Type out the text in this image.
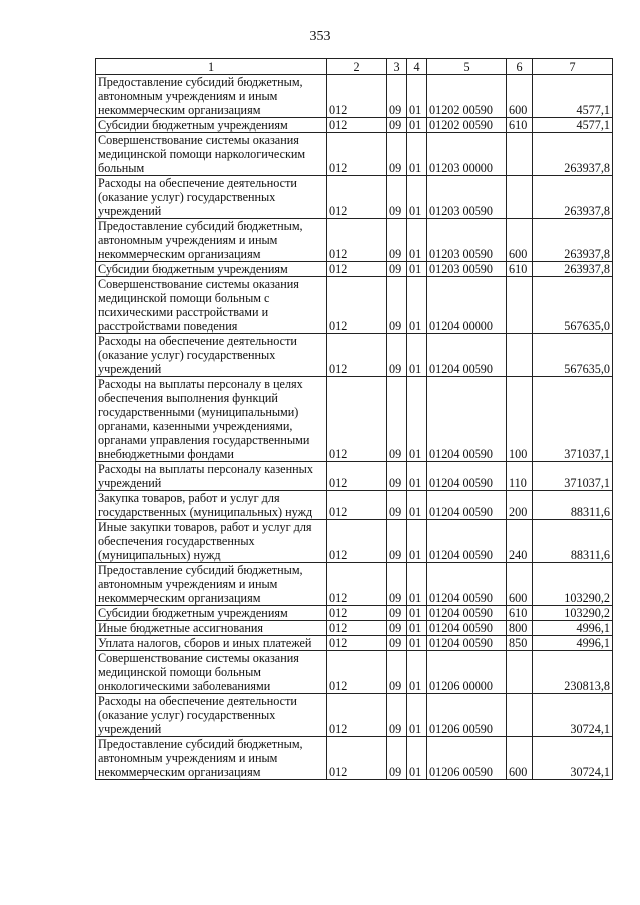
353
1	2	3	4	5	6	7
Предоставление субсидий бюджетным, автономным учреждениям и иным некоммерческим организациям	012	09	01	01202 00590	600	4577,1
Субсидии бюджетным учреждениям	012	09	01	01202 00590	610	4577,1
Совершенствование системы оказания медицинской помощи наркологическим больным	012	09	01	01203 00000		263937,8
Расходы на обеспечение деятельности (оказание услуг) государственных учреждений	012	09	01	01203 00590		263937,8
Предоставление субсидий бюджетным, автономным учреждениям и иным некоммерческим организациям	012	09	01	01203 00590	600	263937,8
Субсидии бюджетным учреждениям	012	09	01	01203 00590	610	263937,8
Совершенствование системы оказания медицинской помощи больным с психическими расстройствами и расстройствами поведения	012	09	01	01204 00000		567635,0
Расходы на обеспечение деятельности (оказание услуг) государственных учреждений	012	09	01	01204 00590		567635,0
Расходы на выплаты персоналу в целях обеспечения выполнения функций государственными (муниципальными) органами, казенными учреждениями, органами управления государственными внебюджетными фондами	012	09	01	01204 00590	100	371037,1
Расходы на выплаты персоналу казенных учреждений	012	09	01	01204 00590	110	371037,1
Закупка товаров, работ и услуг для государственных (муниципальных) нужд	012	09	01	01204 00590	200	88311,6
Иные закупки товаров, работ и услуг для обеспечения государственных (муниципальных) нужд	012	09	01	01204 00590	240	88311,6
Предоставление субсидий бюджетным, автономным учреждениям и иным некоммерческим организациям	012	09	01	01204 00590	600	103290,2
Субсидии бюджетным учреждениям	012	09	01	01204 00590	610	103290,2
Иные бюджетные ассигнования	012	09	01	01204 00590	800	4996,1
Уплата налогов, сборов и иных платежей	012	09	01	01204 00590	850	4996,1
Совершенствование системы оказания медицинской помощи больным онкологическими заболеваниями	012	09	01	01206 00000		230813,8
Расходы на обеспечение деятельности (оказание услуг) государственных учреждений	012	09	01	01206 00590		30724,1
Предоставление субсидий бюджетным, автономным учреждениям и иным некоммерческим организациям	012	09	01	01206 00590	600	30724,1
